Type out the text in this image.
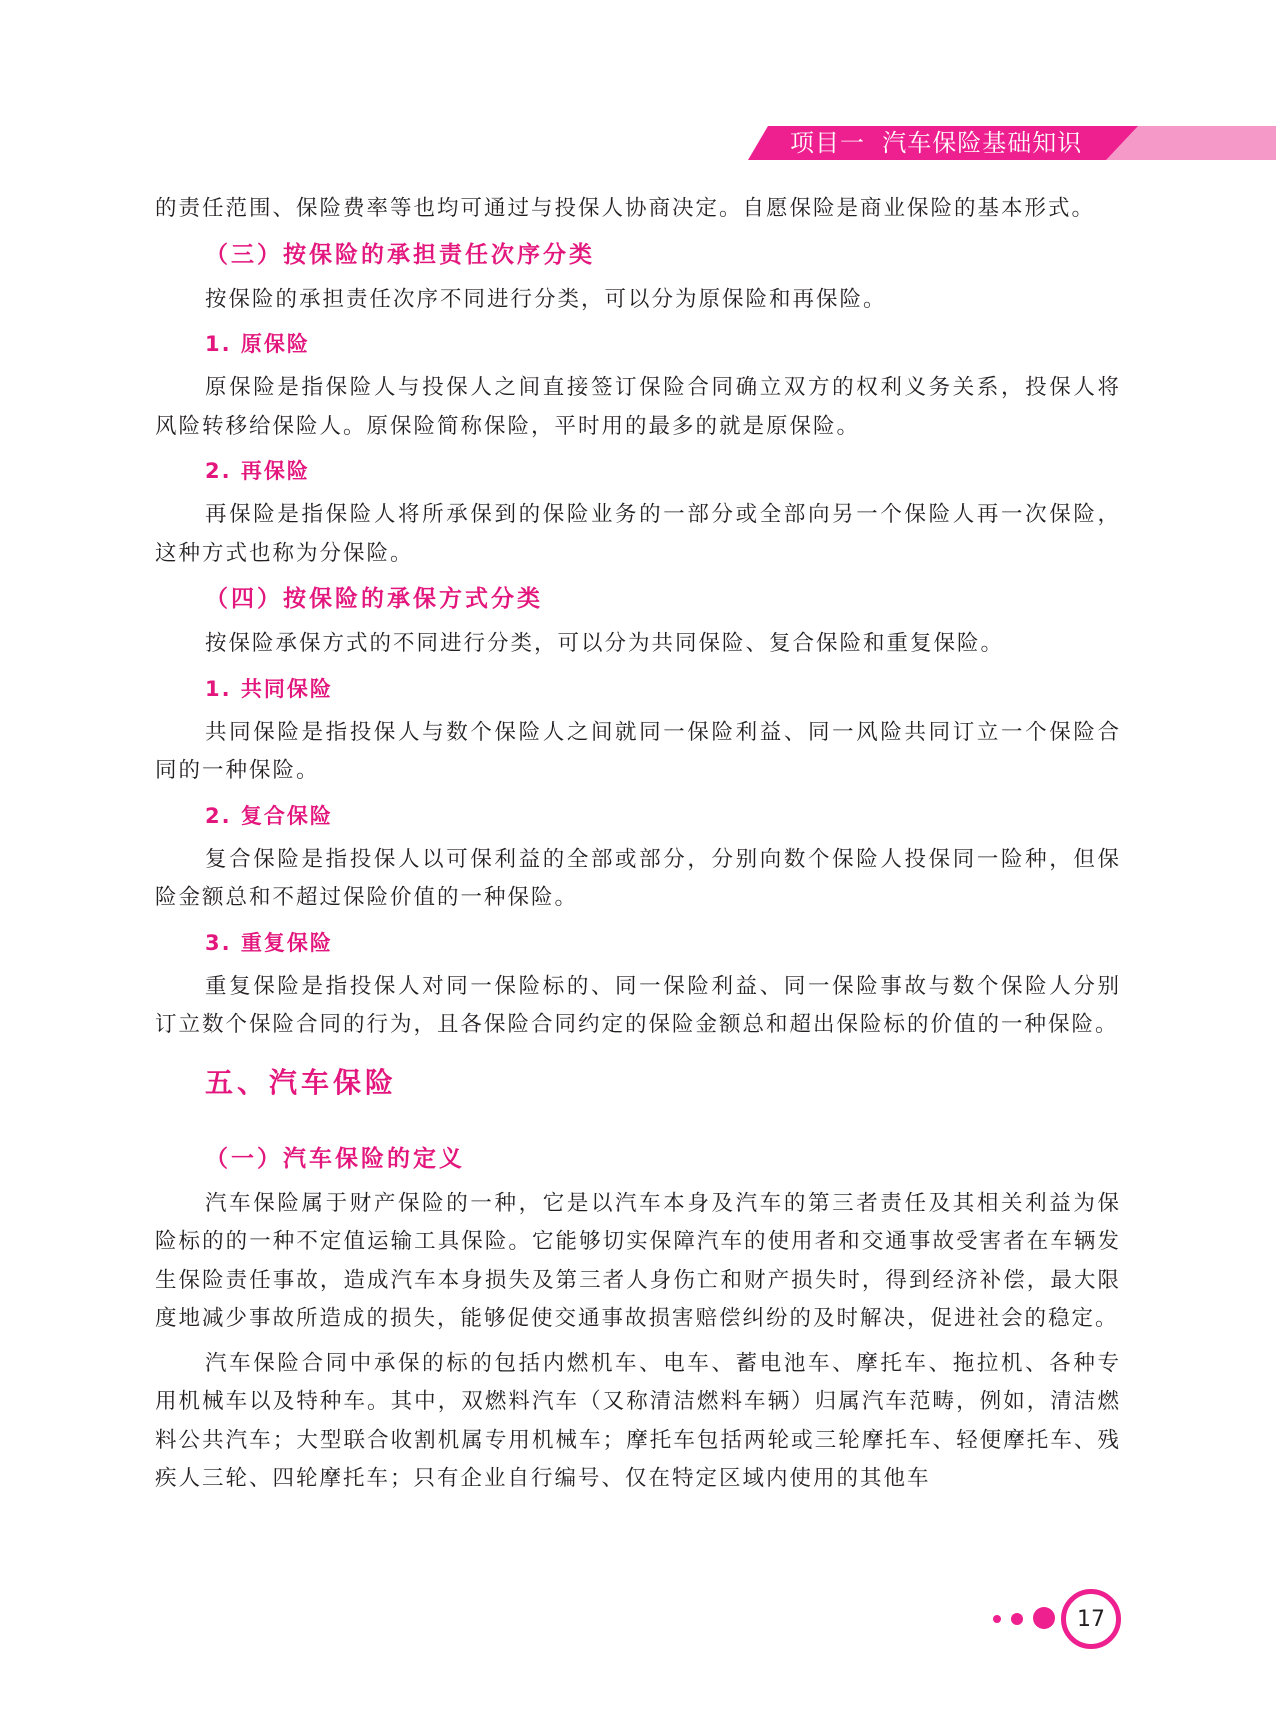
项目一  汽车保险基础知识

的责任范围、保险费率等也均可通过与投保人协商决定。自愿保险是商业保险的基本形式。

（三）按保险的承担责任次序分类

按保险的承担责任次序不同进行分类，可以分为原保险和再保险。

1. 原保险

原保险是指保险人与投保人之间直接签订保险合同确立双方的权利义务关系，投保人将风险转移给保险人。原保险简称保险，平时用的最多的就是原保险。

2. 再保险

再保险是指保险人将所承保到的保险业务的一部分或全部向另一个保险人再一次保险，这种方式也称为分保险。

（四）按保险的承保方式分类

按保险承保方式的不同进行分类，可以分为共同保险、复合保险和重复保险。

1. 共同保险

共同保险是指投保人与数个保险人之间就同一保险利益、同一风险共同订立一个保险合同的一种保险。

2. 复合保险

复合保险是指投保人以可保利益的全部或部分，分别向数个保险人投保同一险种，但保险金额总和不超过保险价值的一种保险。

3. 重复保险

重复保险是指投保人对同一保险标的、同一保险利益、同一保险事故与数个保险人分别订立数个保险合同的行为，且各保险合同约定的保险金额总和超出保险标的价值的一种保险。

五、汽车保险
（一）汽车保险的定义

汽车保险属于财产保险的一种，它是以汽车本身及汽车的第三者责任及其相关利益为保险标的的一种不定值运输工具保险。它能够切实保障汽车的使用者和交通事故受害者在车辆发生保险责任事故，造成汽车本身损失及第三者人身伤亡和财产损失时，得到经济补偿，最大限度地减少事故所造成的损失，能够促使交通事故损害赔偿纠纷的及时解决，促进社会的稳定。

汽车保险合同中承保的标的包括内燃机车、电车、蓄电池车、摩托车、拖拉机、各种专用机械车以及特种车。其中，双燃料汽车（又称清洁燃料车辆）归属汽车范畴，例如，清洁燃料公共汽车；大型联合收割机属专用机械车；摩托车包括两轮或三轮摩托车、轻便摩托车、残疾人三轮、四轮摩托车；只有企业自行编号、仅在特定区域内使用的其他车

17
